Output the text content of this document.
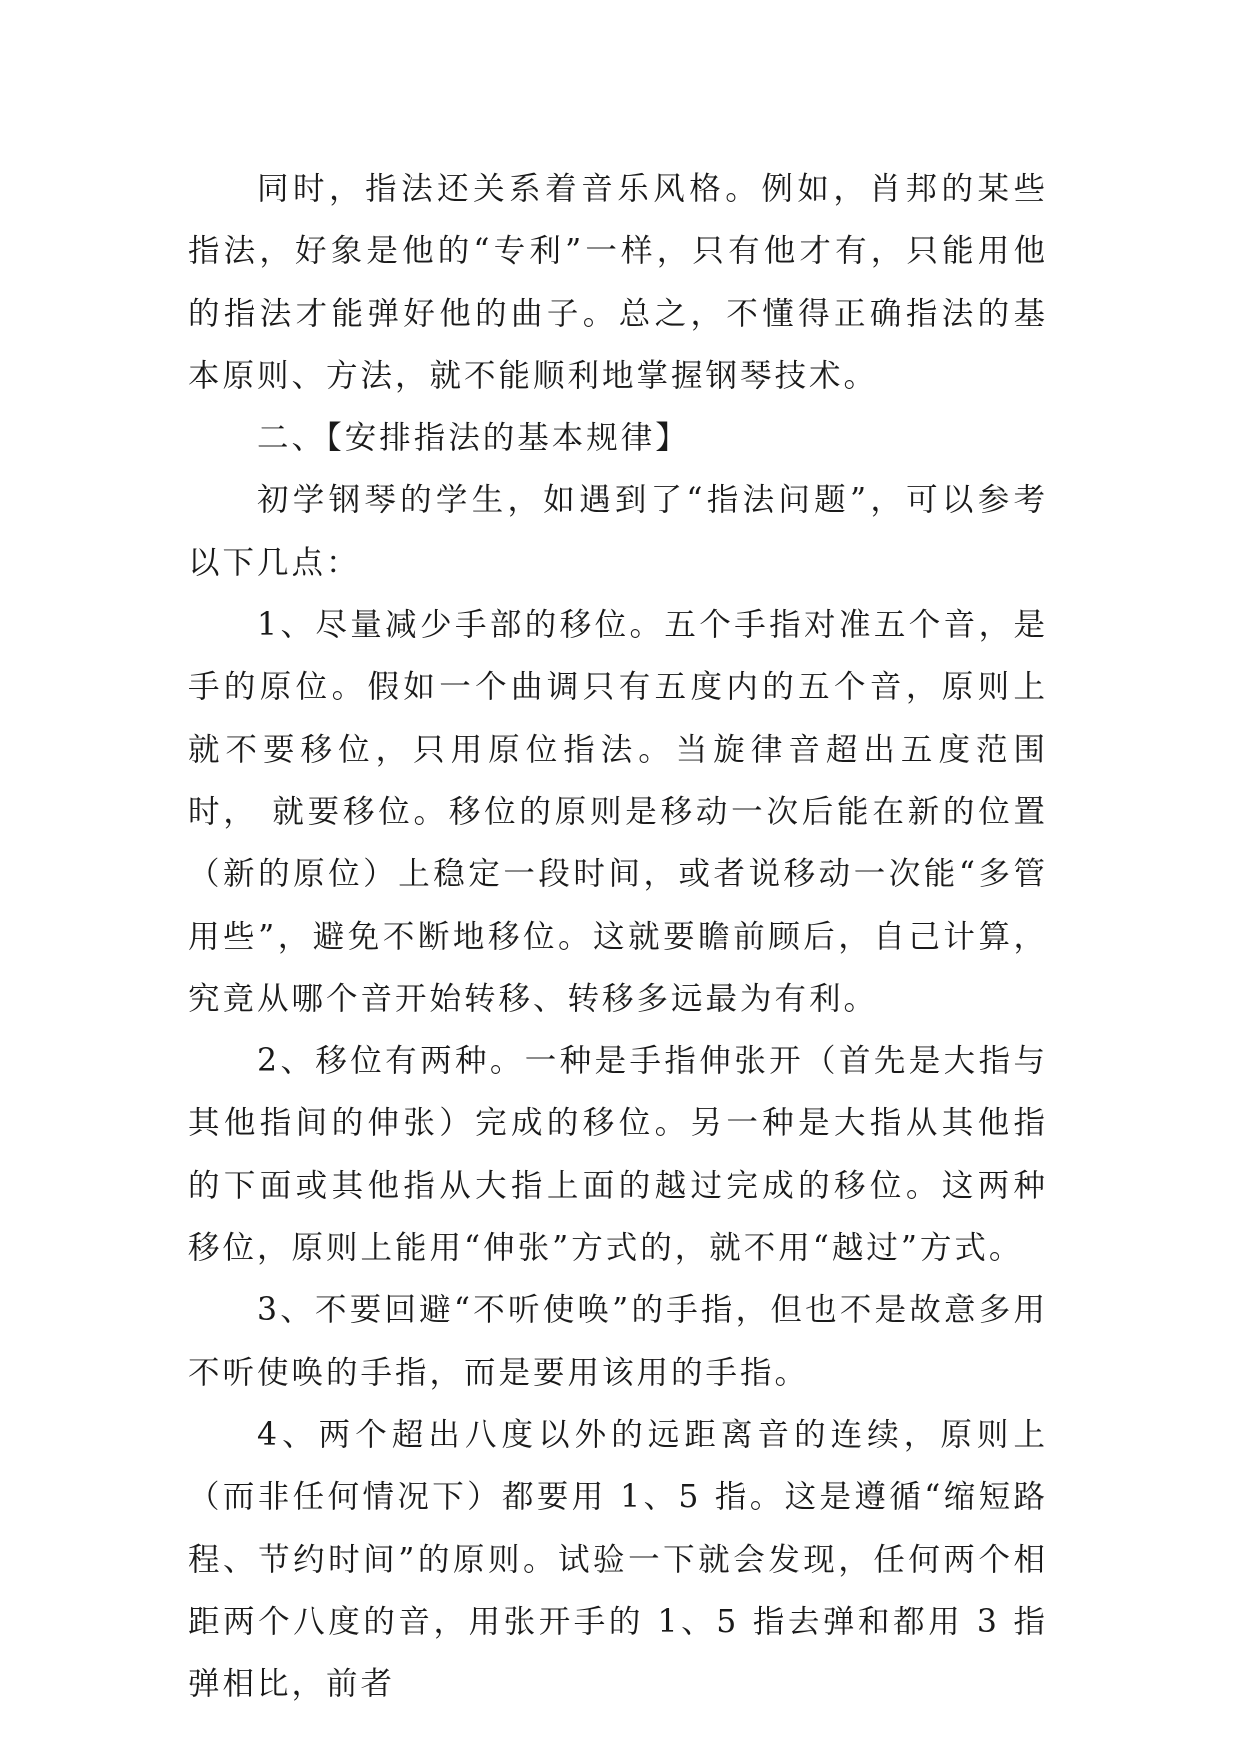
同时，指法还关系着音乐风格。例如，肖邦的某些指法，好象是他的“专利”一样，只有他才有，只能用他的指法才能弹好他的曲子。总之，不懂得正确指法的基本原则、方法，就不能顺利地掌握钢琴技术。

二、【安排指法的基本规律】

初学钢琴的学生，如遇到了“指法问题”，可以参考以下几点：

1、尽量减少手部的移位。五个手指对准五个音，是手的原位。假如一个曲调只有五度内的五个音，原则上就不要移位，只用原位指法。当旋律音超出五度范围时， 就要移位。移位的原则是移动一次后能在新的位置（新的原位）上稳定一段时间，或者说移动一次能“多管用些”，避免不断地移位。这就要瞻前顾后，自己计算， 究竟从哪个音开始转移、转移多远最为有利。

2、移位有两种。一种是手指伸张开（首先是大指与其他指间的伸张）完成的移位。另一种是大指从其他指的下面或其他指从大指上面的越过完成的移位。这两种移位，原则上能用“伸张”方式的，就不用“越过”方式。

3、不要回避“不听使唤”的手指，但也不是故意多用不听使唤的手指，而是要用该用的手指。

4、两个超出八度以外的远距离音的连续，原则上（而非任何情况下）都要用 1、5 指。这是遵循“缩短路程、节约时间”的原则。试验一下就会发现，任何两个相距两个八度的音，用张开手的 1、5 指去弹和都用 3 指弹相比，前者
